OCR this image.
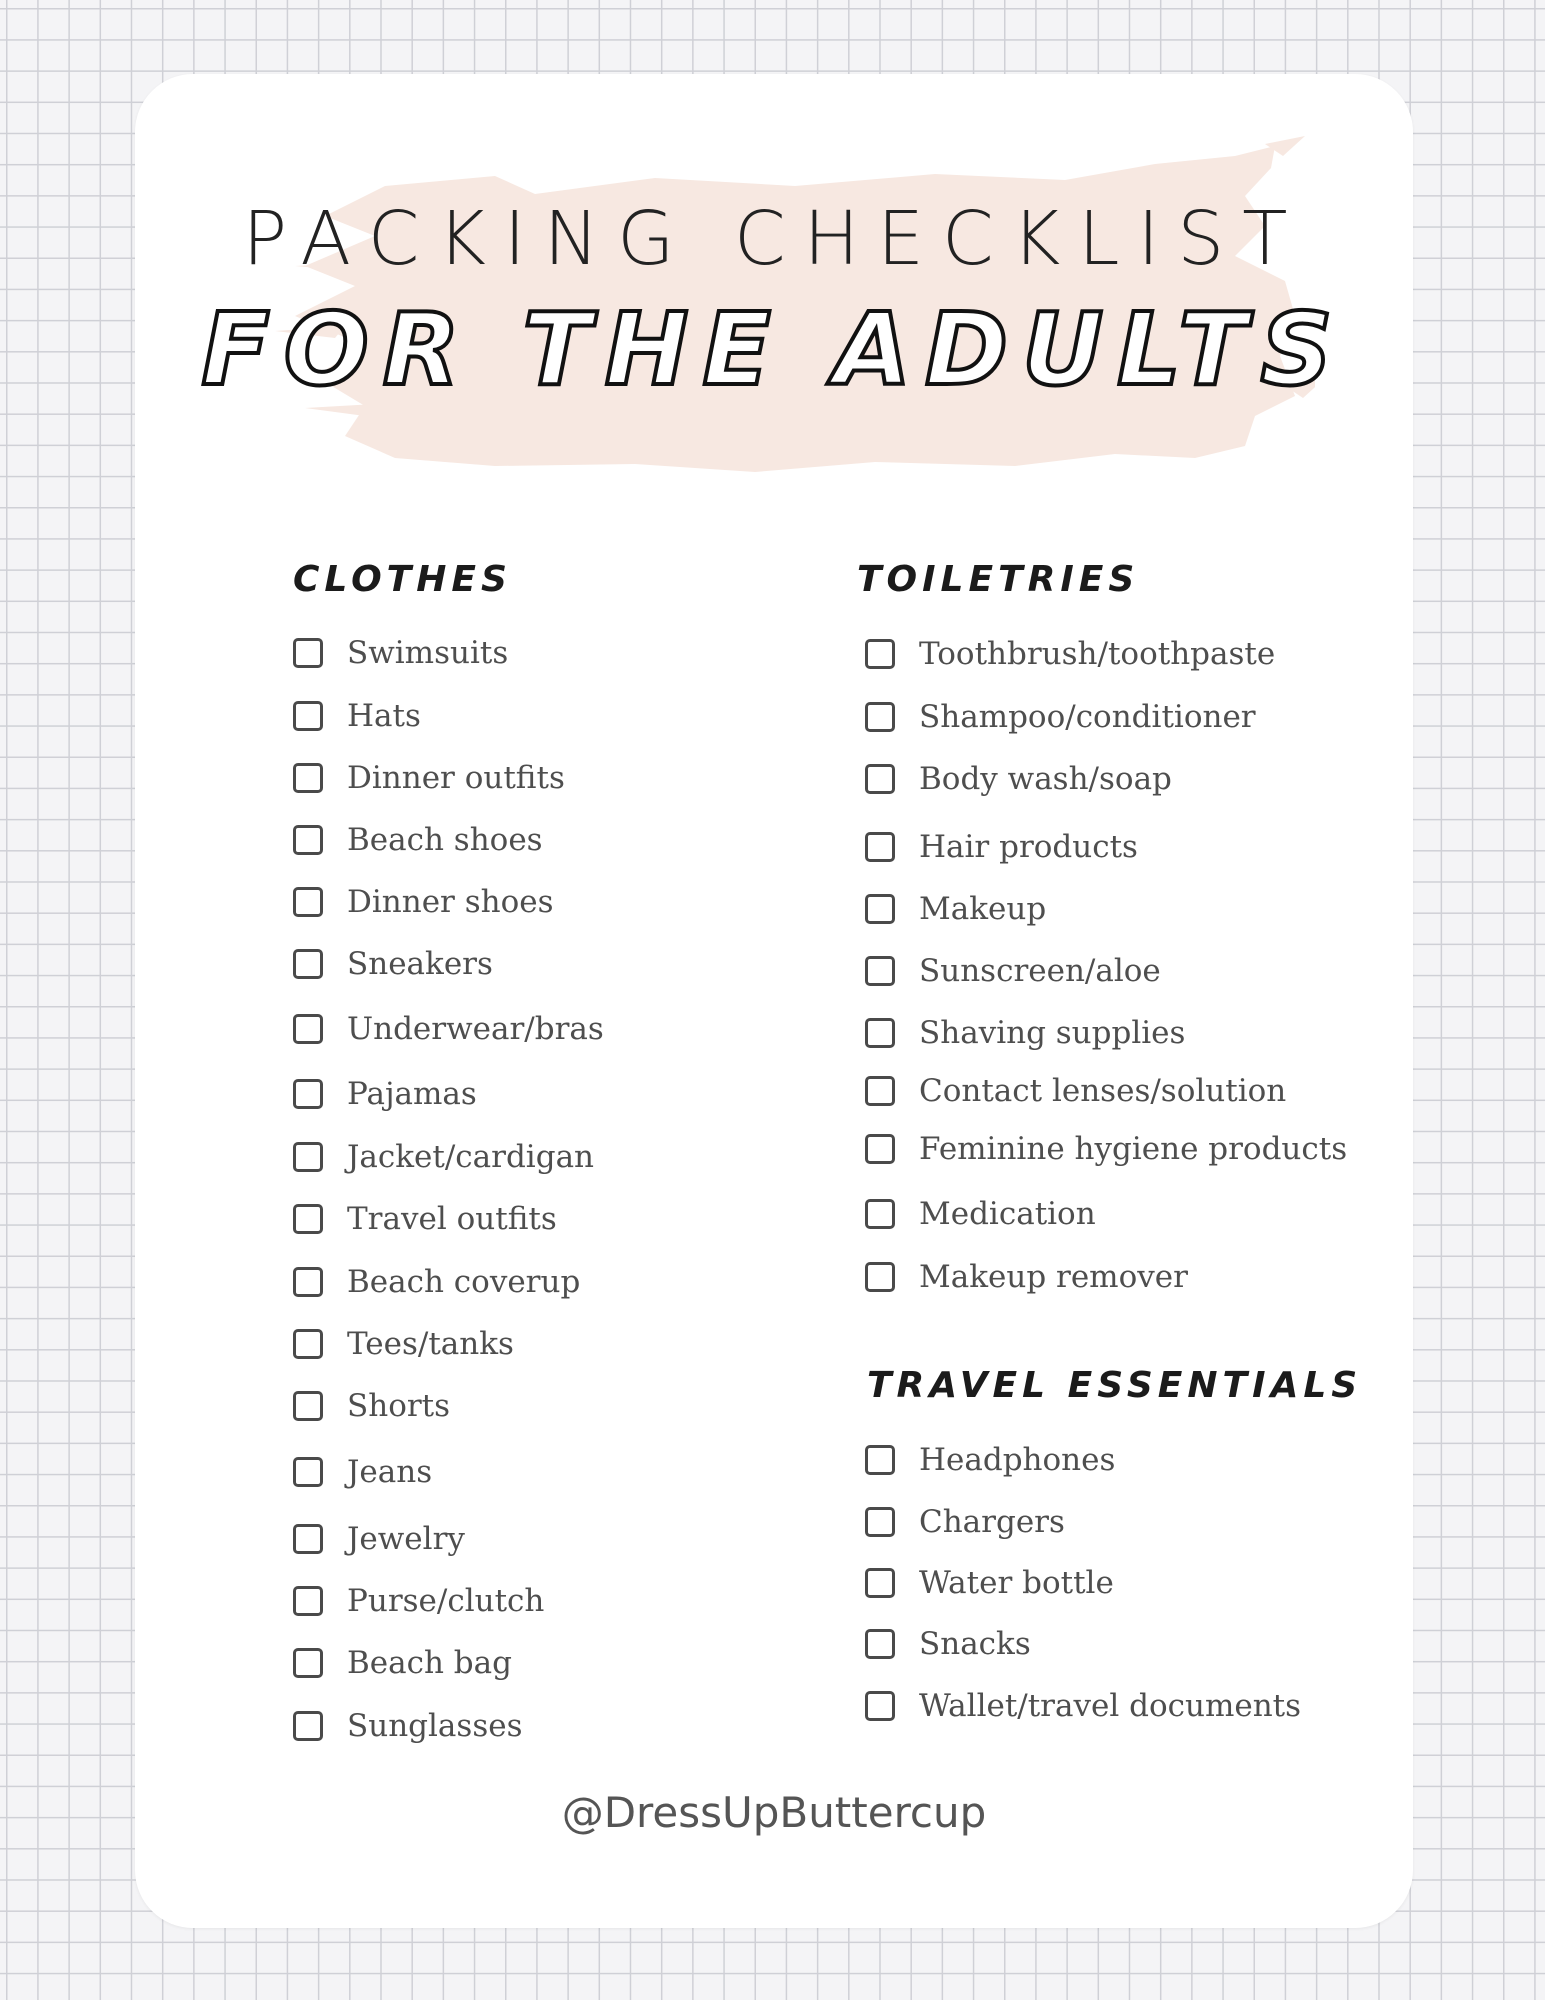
PACKING CHECKLIST
FOR THE ADULTS
CLOTHES
Swimsuits
Hats
Dinner outfits
Beach shoes
Dinner shoes
Sneakers
Underwear/bras
Pajamas
Jacket/cardigan
Travel outfits
Beach coverup
Tees/tanks
Shorts
Jeans
Jewelry
Purse/clutch
Beach bag
Sunglasses
TOILETRIES
Toothbrush/toothpaste
Shampoo/conditioner
Body wash/soap
Hair products
Makeup
Sunscreen/aloe
Shaving supplies
Contact lenses/solution
Feminine hygiene products
Medication
Makeup remover
TRAVEL ESSENTIALS
Headphones
Chargers
Water bottle
Snacks
Wallet/travel documents
@DressUpButtercup
